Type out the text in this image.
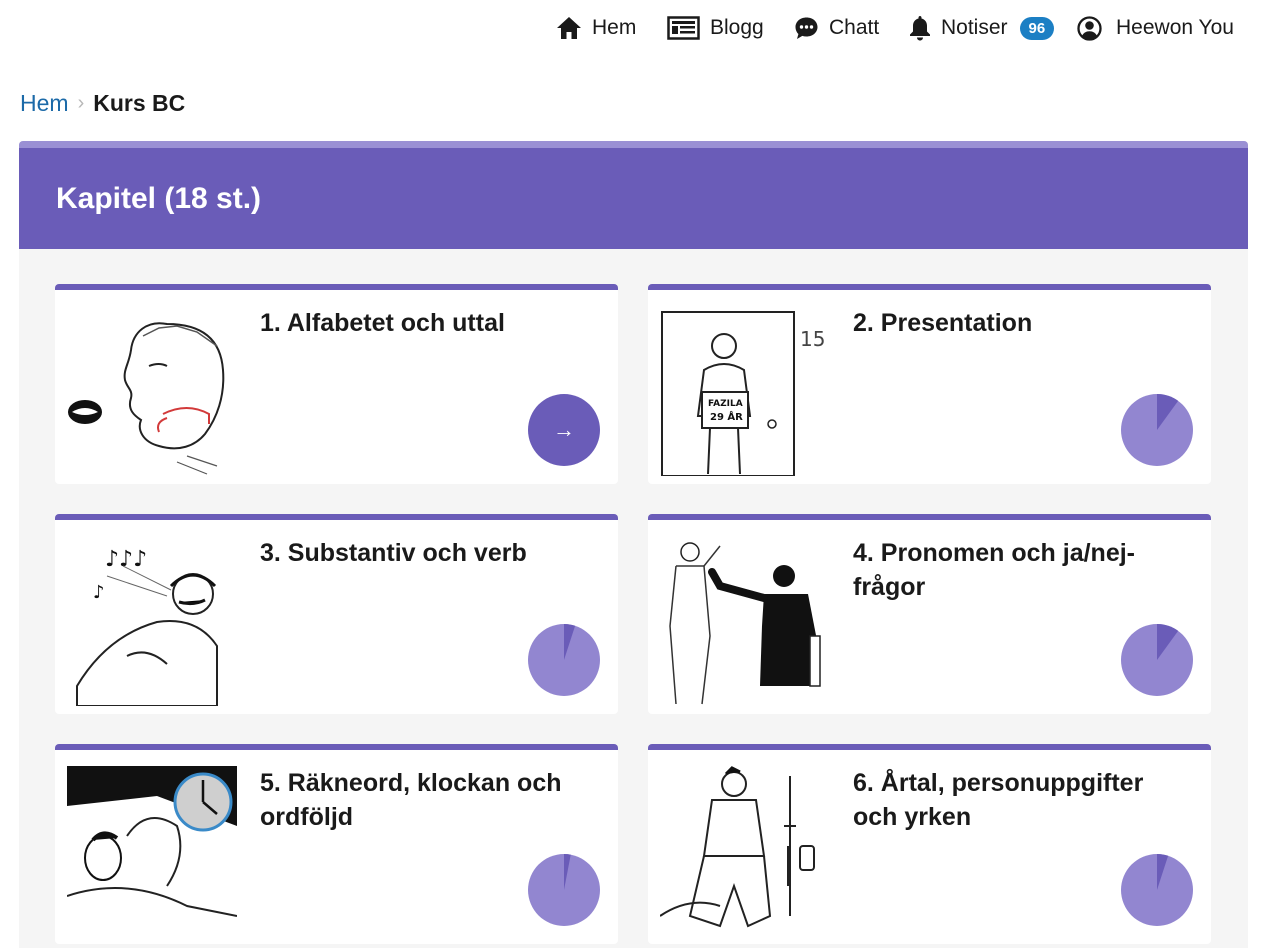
Hem	Blogg	Chatt	Notiser	96	Heewon You
Hem › Kurs BC
Kapitel (18 st.)
1. Alfabetet och uttal
→
15
FAZILA
29 ÅR
2. Presentation
♪♪♪
♪
3. Substantiv och verb	4. Pronomen och ja/nej-frågor
5. Räkneord, klockan och ordföljd
6. Årtal, personuppgifter och yrken
